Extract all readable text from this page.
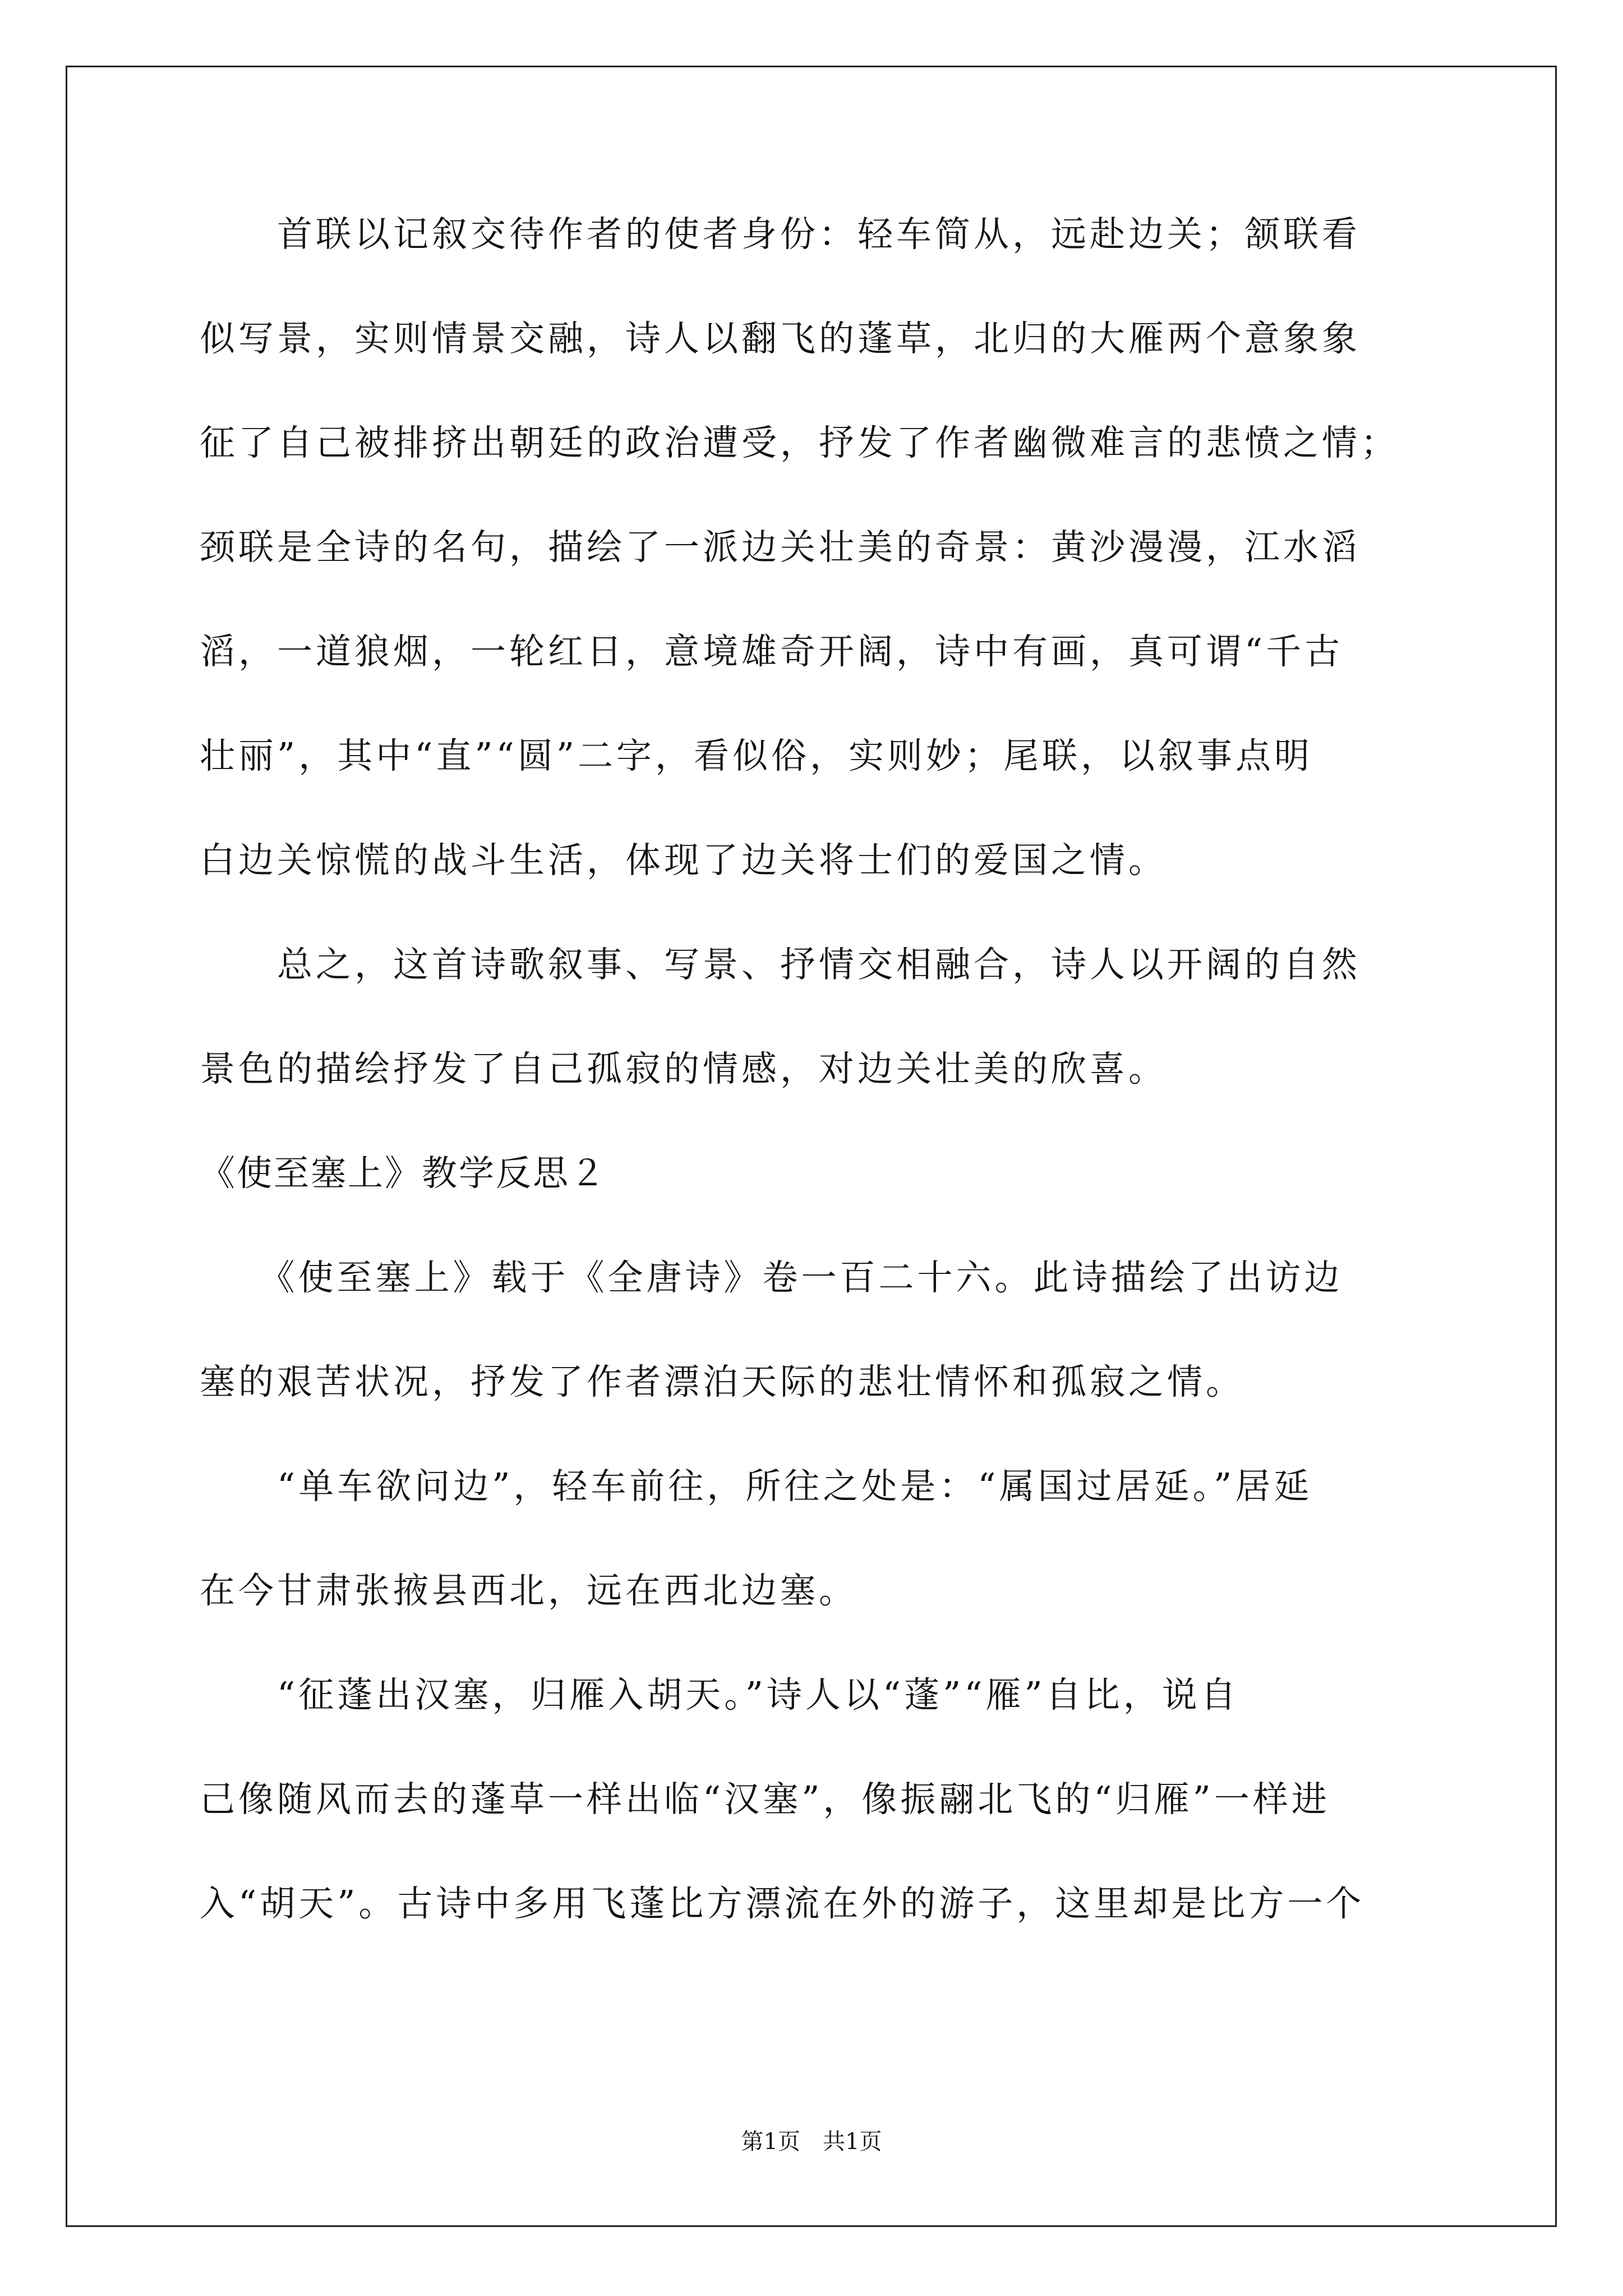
　　首联以记叙交待作者的使者身份：轻车简从，远赴边关；颔联看
似写景，实则情景交融，诗人以翻飞的蓬草，北归的大雁两个意象象
征了自己被排挤出朝廷的政治遭受，抒发了作者幽微难言的悲愤之情；
颈联是全诗的名句，描绘了一派边关壮美的奇景：黄沙漫漫，江水滔
滔，一道狼烟，一轮红日，意境雄奇开阔，诗中有画，真可谓“千古
壮丽”，其中“直”“圆”二字，看似俗，实则妙；尾联，以叙事点明
白边关惊慌的战斗生活，体现了边关将士们的爱国之情。
　　总之，这首诗歌叙事、写景、抒情交相融合，诗人以开阔的自然
景色的描绘抒发了自己孤寂的情感，对边关壮美的欣喜。
《使至塞上》教学反思２
　　《使至塞上》载于《全唐诗》卷一百二十六。此诗描绘了出访边
塞的艰苦状况，抒发了作者漂泊天际的悲壮情怀和孤寂之情。
　　“单车欲问边”，轻车前往，所往之处是：“属国过居延。”居延
在今甘肃张掖县西北，远在西北边塞。
　　“征蓬出汉塞，归雁入胡天。”诗人以“蓬”“雁”自比，说自
己像随风而去的蓬草一样出临“汉塞”，像振翮北飞的“归雁”一样进
入“胡天”。古诗中多用飞蓬比方漂流在外的游子，这里却是比方一个
第1页　共1页
